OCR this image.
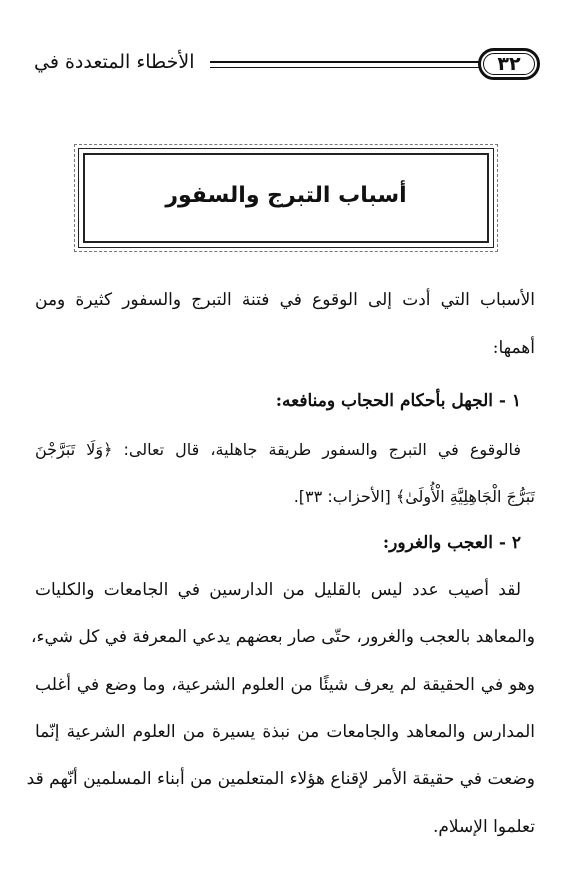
٣٢
الأخطاء المتعددة في
أسباب التبرج والسفور
الأسباب التي أدت إلى الوقوع في فتنة التبرج والسفور كثيرة ومن
أهمها:
١ - الجهل بأحكام الحجاب ومنافعه:
فالوقوع في التبرج والسفور طريقة جاهلية، قال تعالى: ﴿وَلَا تَبَرَّجْنَ
تَبَرُّجَ الْجَاهِلِيَّةِ الْأُولَىٰ﴾ [الأحزاب: ٣٣].
٢ - العجب والغرور:
لقد أصيب عدد ليس بالقليل من الدارسين في الجامعات والكليات
والمعاهد بالعجب والغرور، حتّى صار بعضهم يدعي المعرفة في كل شيء،
وهو في الحقيقة لم يعرف شيئًا من العلوم الشرعية، وما وضع في أغلب
المدارس والمعاهد والجامعات من نبذة يسيرة من العلوم الشرعية إنّما
وضعت في حقيقة الأمر لإقناع هؤلاء المتعلمين من أبناء المسلمين أنّهم قد
تعلموا الإسلام.
